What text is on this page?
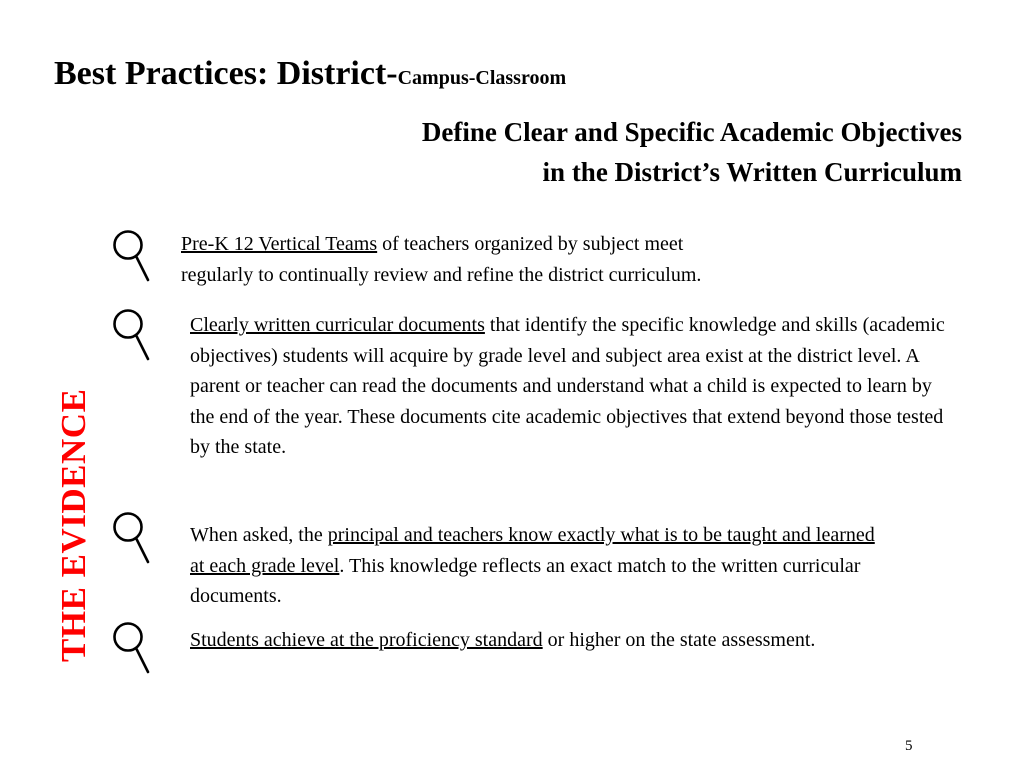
Best Practices: District-Campus-Classroom
Define Clear and Specific Academic Objectives
in the District’s Written Curriculum
THE EVIDENCE

Pre-K 12 Vertical Teams of teachers organized by subject meet
regularly to continually review and refine the district curriculum.

Clearly written curricular documents that identify the specific knowledge and skills (academic objectives) students will acquire by grade level and subject area exist at the district level. A parent or teacher can read the documents and understand what a child is expected to learn by the end of the year. These documents cite academic objectives that extend beyond those tested by the state.

When asked, the principal and teachers know exactly what is to be taught and learned at each grade level. This knowledge reflects an exact match to the written curricular documents.

Students achieve at the proficiency standard or higher on the state assessment.

5
